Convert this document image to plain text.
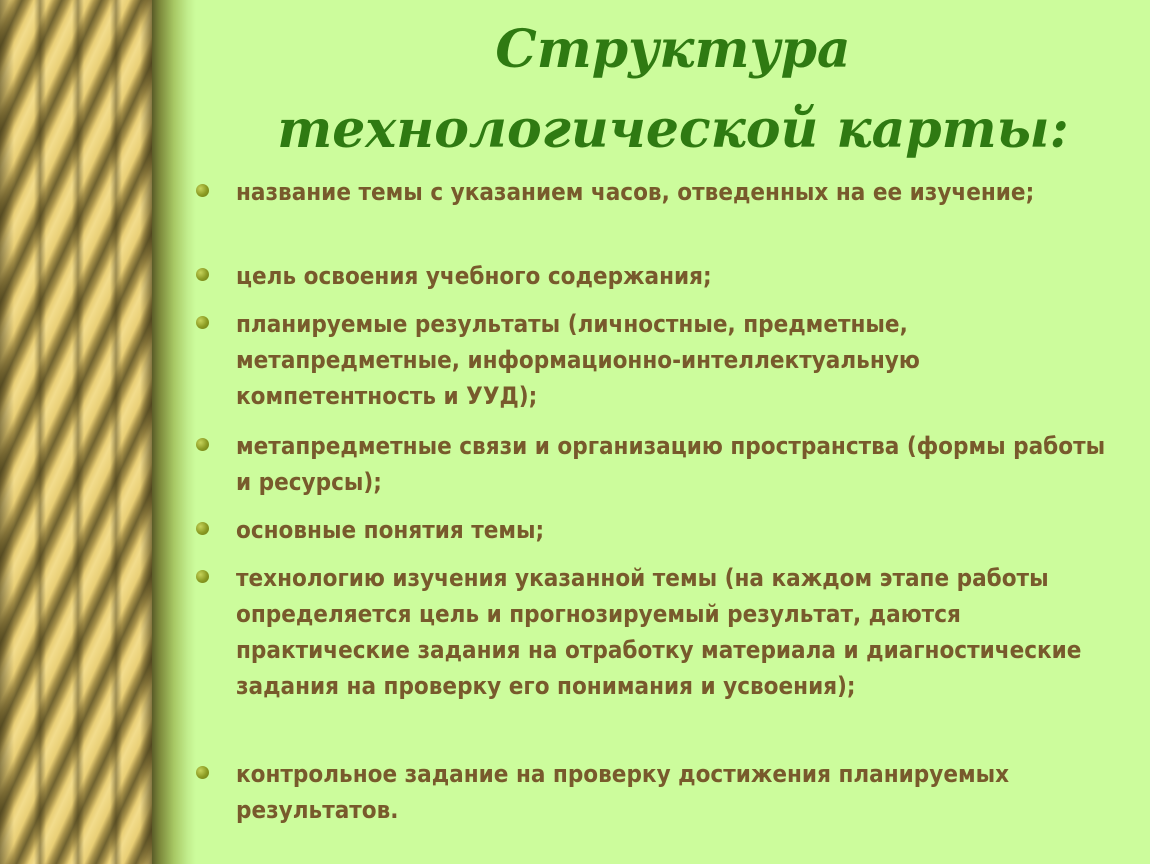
Структура
технологической карты:

название темы с указанием часов, отведенных на ее изучение;

цель освоения учебного содержания;

планируемые результаты (личностные, предметные, метапредметные, информационно-интеллектуальную компетентность и УУД);

метапредметные связи и организацию пространства (формы работы и ресурсы);

основные понятия темы;

технологию изучения указанной темы (на каждом этапе работы определяется цель и прогнозируемый результат, даются практические задания на отработку материала и диагностические задания на проверку его понимания и усвоения);

контрольное задание на проверку достижения планируемых результатов.
